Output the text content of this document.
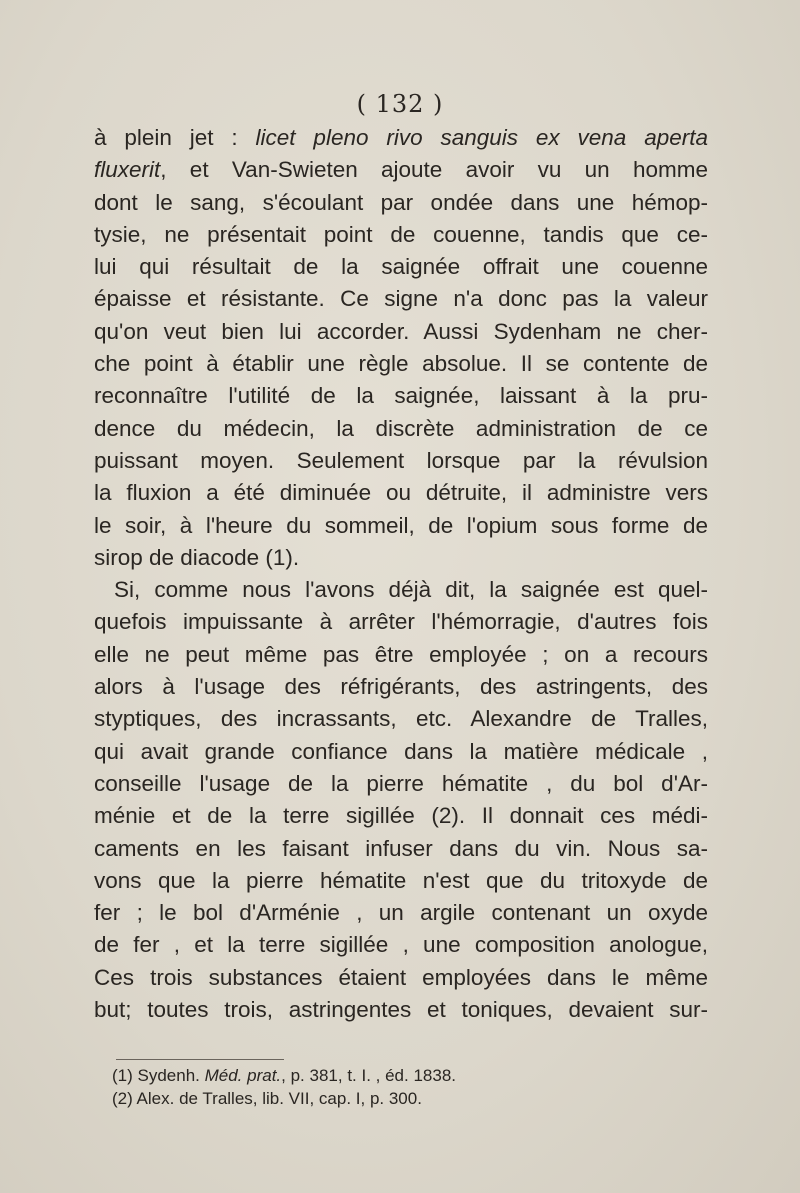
( 132 )
à plein jet : licet pleno rivo sanguis ex vena aperta
fluxerit, et Van-Swieten ajoute avoir vu un homme
dont le sang, s'écoulant par ondée dans une hémop-
tysie, ne présentait point de couenne, tandis que ce-
lui qui résultait de la saignée offrait une couenne
épaisse et résistante. Ce signe n'a donc pas la valeur
qu'on veut bien lui accorder. Aussi Sydenham ne cher-
che point à établir une règle absolue. Il se contente de
reconnaître l'utilité de la saignée, laissant à la pru-
dence du médecin, la discrète administration de ce
puissant moyen. Seulement lorsque par la révulsion
la fluxion a été diminuée ou détruite, il administre vers
le soir, à l'heure du sommeil, de l'opium sous forme de
sirop de diacode (1).
Si, comme nous l'avons déjà dit, la saignée est quel-
quefois impuissante à arrêter l'hémorragie, d'autres fois
elle ne peut même pas être employée ; on a recours
alors à l'usage des réfrigérants, des astringents, des
styptiques, des incrassants, etc. Alexandre de Tralles,
qui avait grande confiance dans la matière médicale ,
conseille l'usage de la pierre hématite , du bol d'Ar-
ménie et de la terre sigillée (2). Il donnait ces médi-
caments en les faisant infuser dans du vin. Nous sa-
vons que la pierre hématite n'est que du tritoxyde de
fer ; le bol d'Arménie , un argile contenant un oxyde
de fer , et la terre sigillée , une composition anologue,
Ces trois substances étaient employées dans le même
but; toutes trois, astringentes et toniques, devaient sur-
(1) Sydenh. Méd. prat., p. 381, t. I. , éd. 1838.
(2) Alex. de Tralles, lib. VII, cap. I, p. 300.
